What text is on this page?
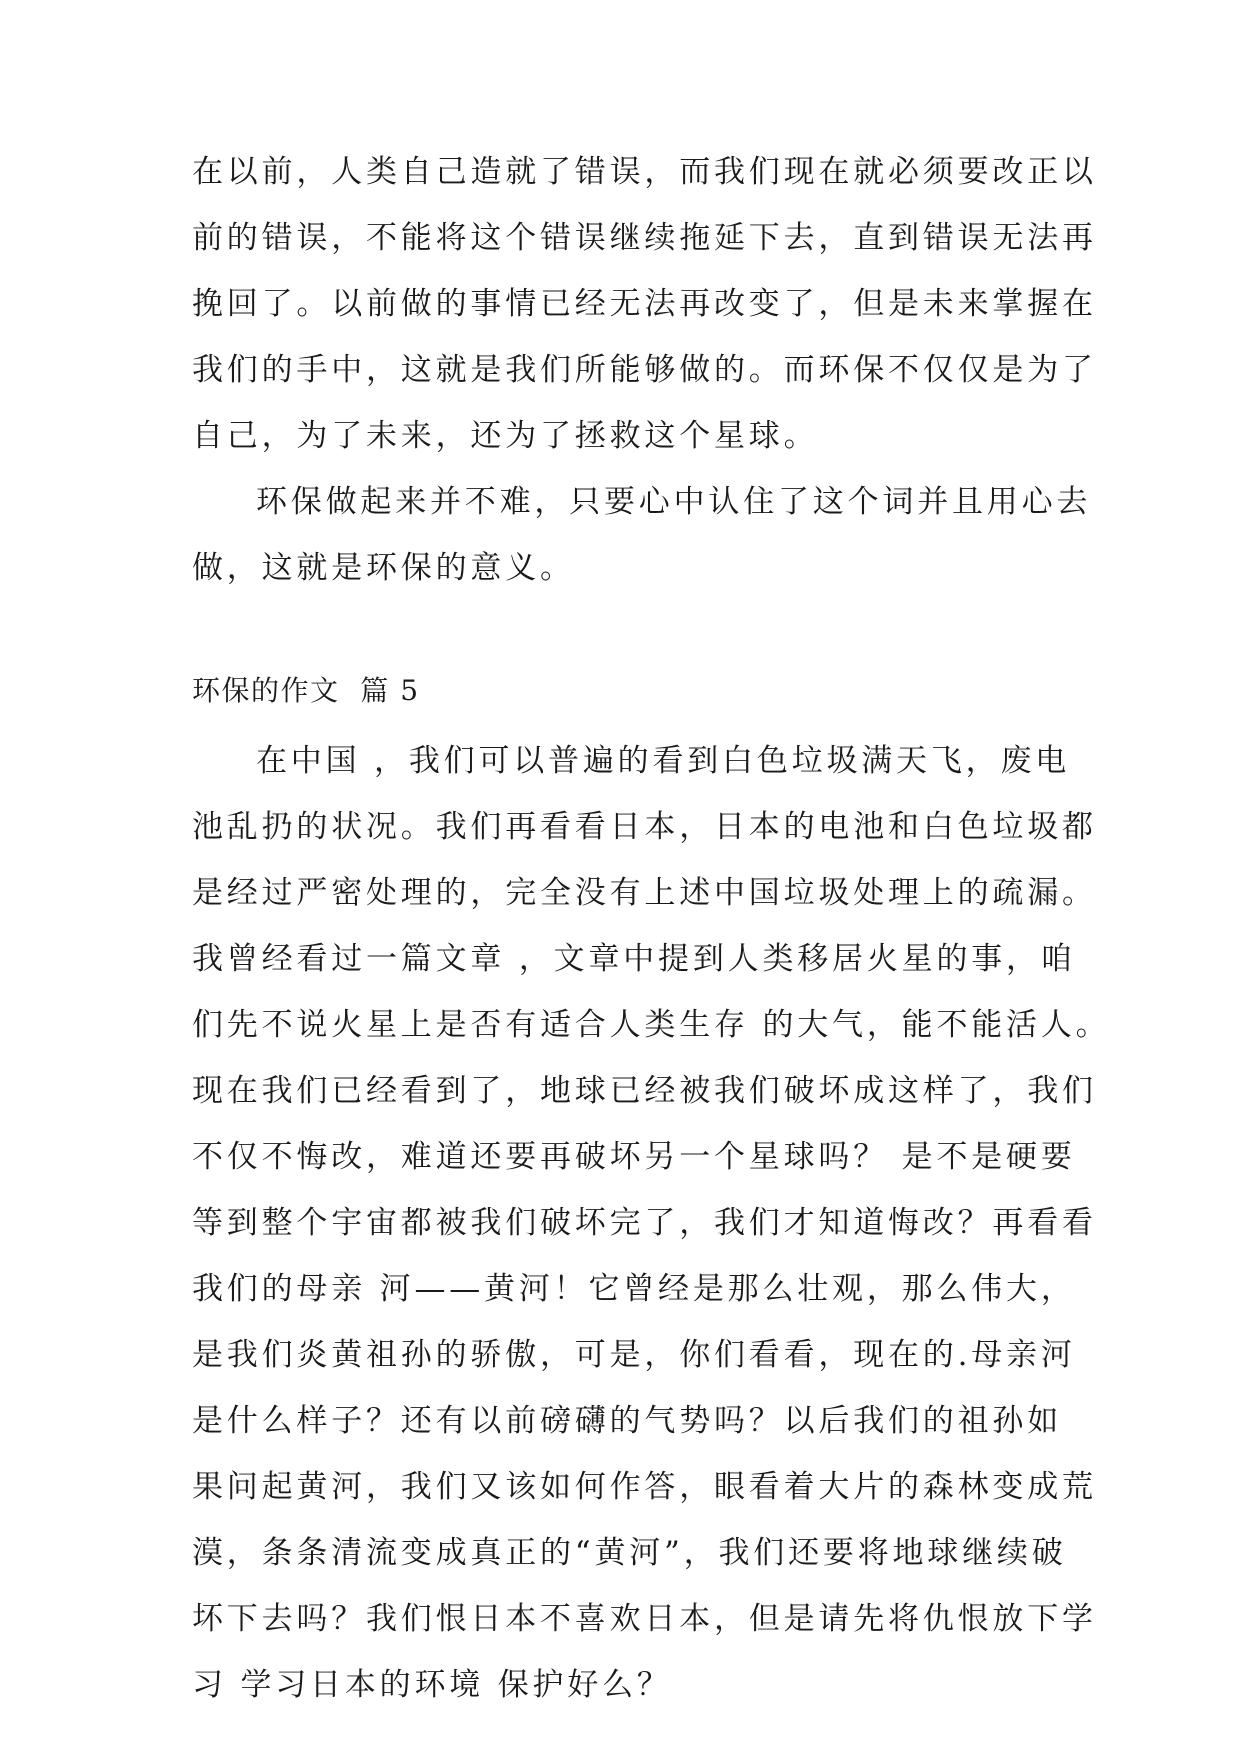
在以前，人类自己造就了错误，而我们现在就必须要改正以
前的错误，不能将这个错误继续拖延下去，直到错误无法再
挽回了。以前做的事情已经无法再改变了，但是未来掌握在
我们的手中，这就是我们所能够做的。而环保不仅仅是为了
自己，为了未来，还为了拯救这个星球。
环保做起来并不难，只要心中认住了这个词并且用心去
做，这就是环保的意义。
环保的作文  篇 5
在中国 ，我们可以普遍的看到白色垃圾满天飞，废电
池乱扔的状况。我们再看看日本，日本的电池和白色垃圾都
是经过严密处理的，完全没有上述中国垃圾处理上的疏漏。
我曾经看过一篇文章 ，文章中提到人类移居火星的事，咱
们先不说火星上是否有适合人类生存 的大气，能不能活人。
现在我们已经看到了，地球已经被我们破坏成这样了，我们
不仅不悔改，难道还要再破坏另一个星球吗？ 是不是硬要
等到整个宇宙都被我们破坏完了，我们才知道悔改？再看看
我们的母亲 河——黄河！它曾经是那么壮观，那么伟大，
是我们炎黄祖孙的骄傲，可是，你们看看，现在的.母亲河
是什么样子？还有以前磅礴的气势吗？以后我们的祖孙如
果问起黄河，我们又该如何作答，眼看着大片的森林变成荒
漠，条条清流变成真正的“黄河”，我们还要将地球继续破
坏下去吗？我们恨日本不喜欢日本，但是请先将仇恨放下学
习 学习日本的环境 保护好么？
